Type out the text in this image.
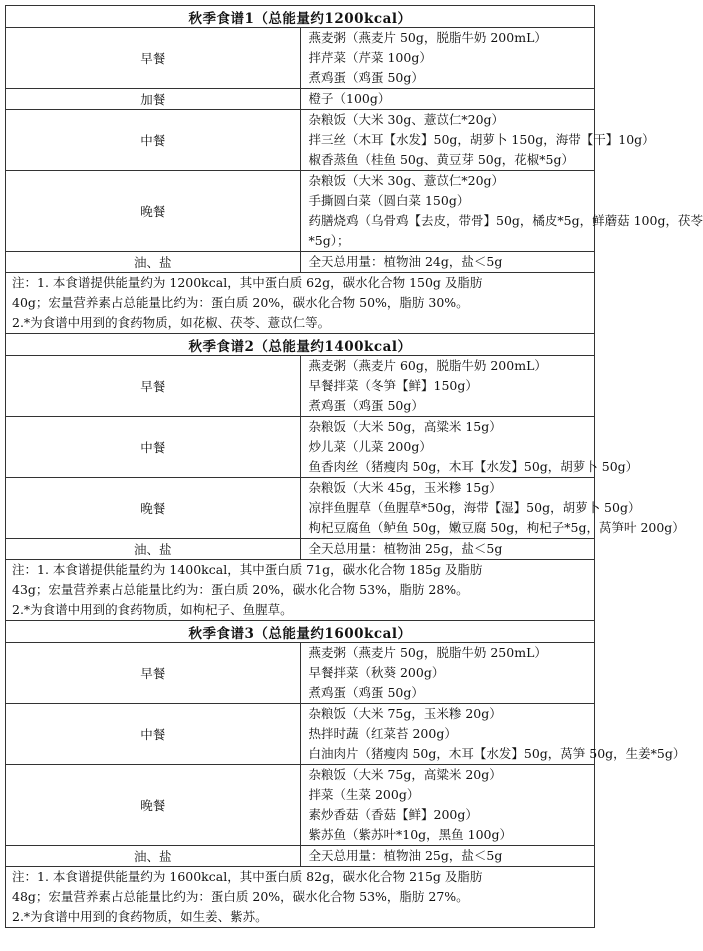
秋季食谱1（总能量约1200kcal）	
早餐	燕麦粥（燕麦片 50g，脱脂牛奶 200mL）
拌芹菜（芹菜 100g）
煮鸡蛋（鸡蛋 50g）

加餐	橙子（100g）

中餐	杂粮饭（大米 30g、薏苡仁*20g）
拌三丝（木耳【水发】50g，胡萝卜 150g，海带【干】10g）
椒香蒸鱼（桂鱼 50g、黄豆芽 50g，花椒*5g）

晚餐	杂粮饭（大米 30g、薏苡仁*20g）
手撕圆白菜（圆白菜 150g）
药膳烧鸡（乌骨鸡【去皮，带骨】50g，橘皮*5g，鲜蘑菇 100g，茯苓
*5g）；

油、盐	全天总用量：植物油 24g，盐＜5g

注：1. 本食谱提供能量约为 1200kcal，其中蛋白质 62g，碳水化合物 150g 及脂肪
40g；宏量营养素占总能量比约为：蛋白质 20%，碳水化合物 50%，脂肪 30%。
2.*为食谱中用到的食药物质，如花椒、茯苓、薏苡仁等。	

秋季食谱2（总能量约1400kcal）	
早餐	燕麦粥（燕麦片 60g，脱脂牛奶 200mL）
早餐拌菜（冬笋【鲜】150g）
煮鸡蛋（鸡蛋 50g）

中餐	杂粮饭（大米 50g，高粱米 15g）
炒儿菜（儿菜 200g）
鱼香肉丝（猪瘦肉 50g，木耳【水发】50g，胡萝卜 50g）

晚餐	杂粮饭（大米 45g，玉米糁 15g）
凉拌鱼腥草（鱼腥草*50g，海带【湿】50g，胡萝卜 50g）
枸杞豆腐鱼（鲈鱼 50g，嫩豆腐 50g，枸杞子*5g，莴笋叶 200g）

油、盐	全天总用量：植物油 25g，盐＜5g

注：1. 本食谱提供能量约为 1400kcal，其中蛋白质 71g，碳水化合物 185g 及脂肪
43g；宏量营养素占总能量比约为：蛋白质 20%，碳水化合物 53%，脂肪 28%。
2.*为食谱中用到的食药物质，如枸杞子、鱼腥草。	

秋季食谱3（总能量约1600kcal）	
早餐	燕麦粥（燕麦片 50g，脱脂牛奶 250mL）
早餐拌菜（秋葵 200g）
煮鸡蛋（鸡蛋 50g）

中餐	杂粮饭（大米 75g，玉米糁 20g）
热拌时蔬（红菜苔 200g）
白油肉片（猪瘦肉 50g，木耳【水发】50g，莴笋 50g，生姜*5g）

晚餐	杂粮饭（大米 75g，高粱米 20g）
拌菜（生菜 200g）
素炒香菇（香菇【鲜】200g）
紫苏鱼（紫苏叶*10g，黑鱼 100g）

油、盐	全天总用量：植物油 25g，盐＜5g

注：1. 本食谱提供能量约为 1600kcal，其中蛋白质 82g，碳水化合物 215g 及脂肪
48g；宏量营养素占总能量比约为：蛋白质 20%，碳水化合物 53%，脂肪 27%。
2.*为食谱中用到的食药物质，如生姜、紫苏。	
